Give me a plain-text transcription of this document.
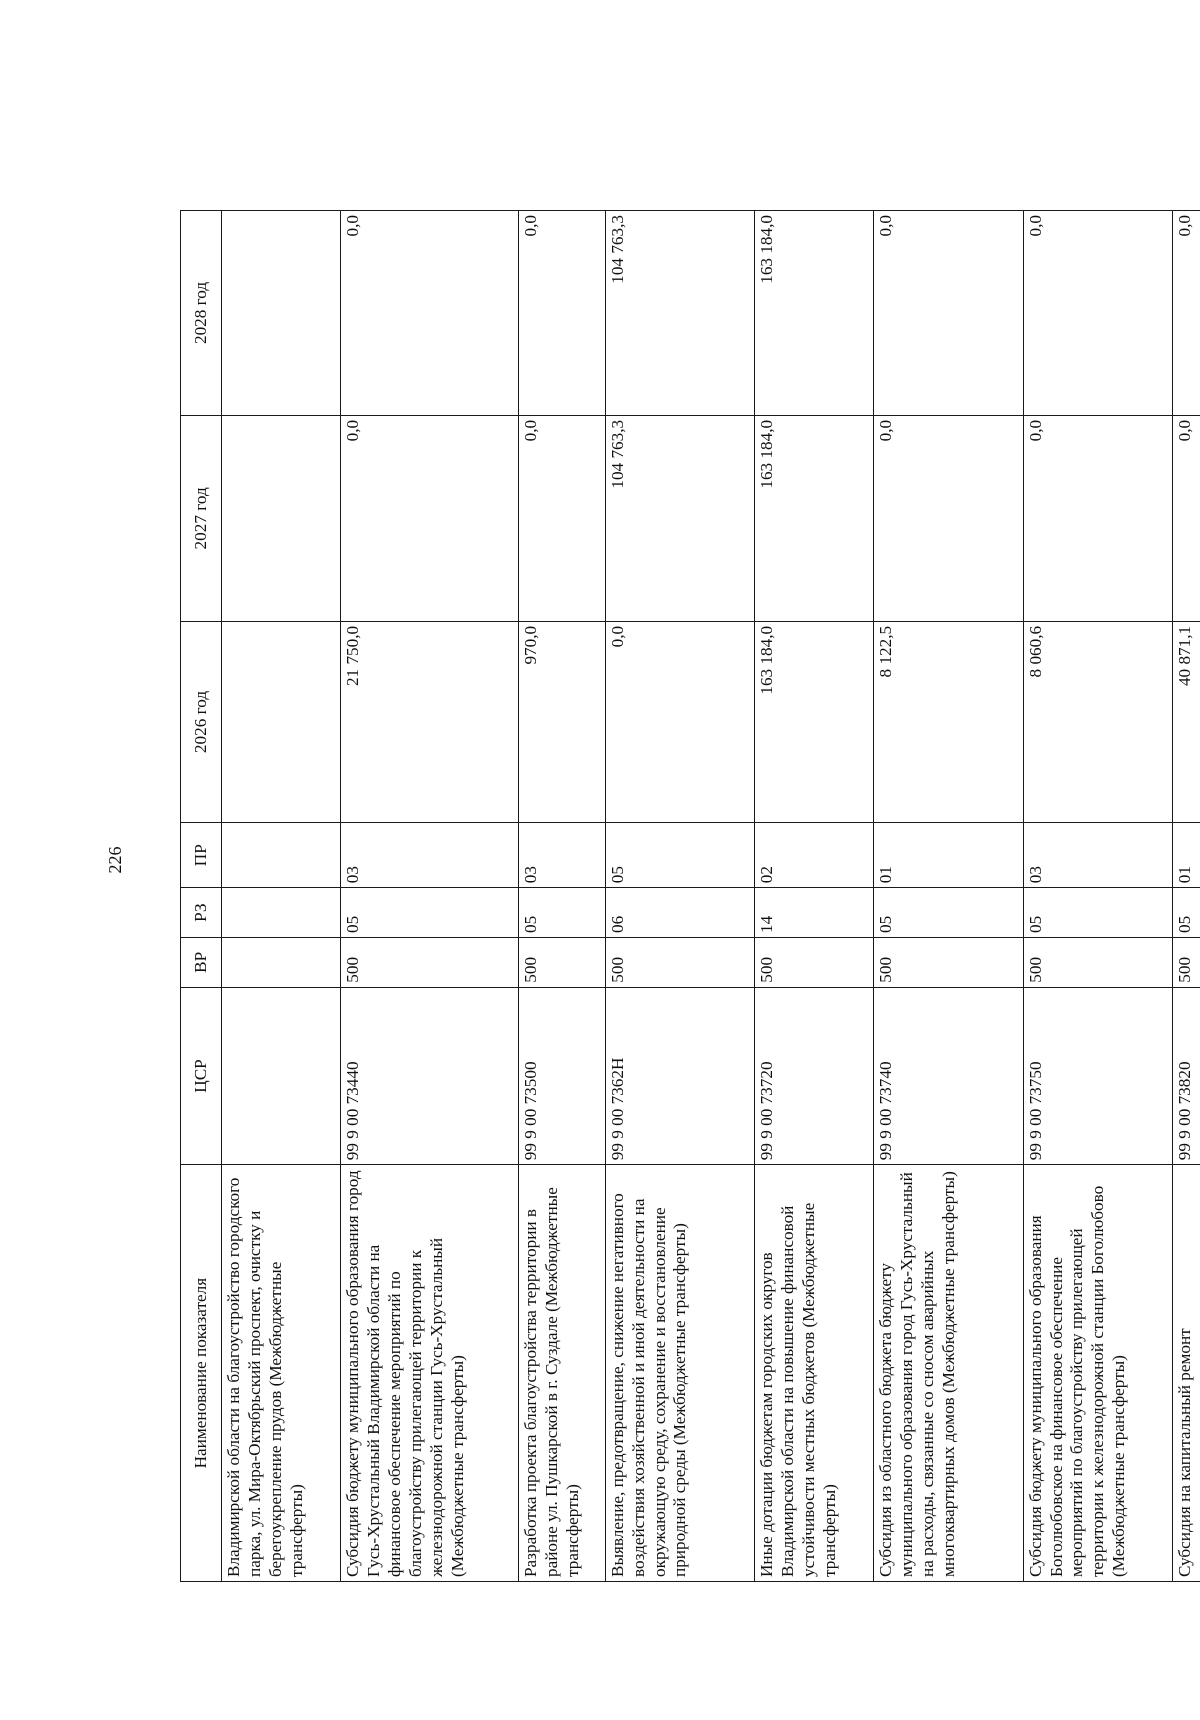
226
Наименование показателя	ЦСР	ВР	РЗ	ПР	2026 год	2027 год	2028 год
Владимирской области на благоустройство городского парка, ул. Мира-Октябрьский проспект, очистку и берегоукрепление прудов (Межбюджетные трансферты)							
Субсидия бюджету муниципального образования город Гусь-Хрустальный Владимирской области на финансовое обеспечение мероприятий по благоустройству прилегающей территории к железнодорожной станции Гусь-Хрустальный (Межбюджетные трансферты)	99 9 00 73440	500	05	03	21 750,0	0,0	0,0
Разработка проекта благоустройства территории в районе ул. Пушкарской в г. Суздале (Межбюджетные трансферты)	99 9 00 73500	500	05	03	970,0	0,0	0,0
Выявление, предотвращение, снижение негативного воздействия хозяйственной и иной деятельности на окружающую среду, сохранение и восстановление природной среды (Межбюджетные трансферты)	99 9 00 7362Н	500	06	05	0,0	104 763,3	104 763,3
Иные дотации бюджетам городских округов Владимирской области на повышение финансовой устойчивости местных бюджетов (Межбюджетные трансферты)	99 9 00 73720	500	14	02	163 184,0	163 184,0	163 184,0
Субсидия из областного бюджета бюджету муниципального образования город Гусь-Хрустальный на расходы, связанные со сносом аварийных многоквартирных домов (Межбюджетные трансферты)	99 9 00 73740	500	05	01	8 122,5	0,0	0,0
Субсидия бюджету муниципального образования Боголюбовское на финансовое обеспечение мероприятий по благоустройству прилегающей территории к железнодорожной станции Боголюбово (Межбюджетные трансферты)	99 9 00 73750	500	05	03	8 060,6	0,0	0,0
Субсидия на капитальный ремонт	99 9 00 73820	500	05	01	40 871,1	0,0	0,0
